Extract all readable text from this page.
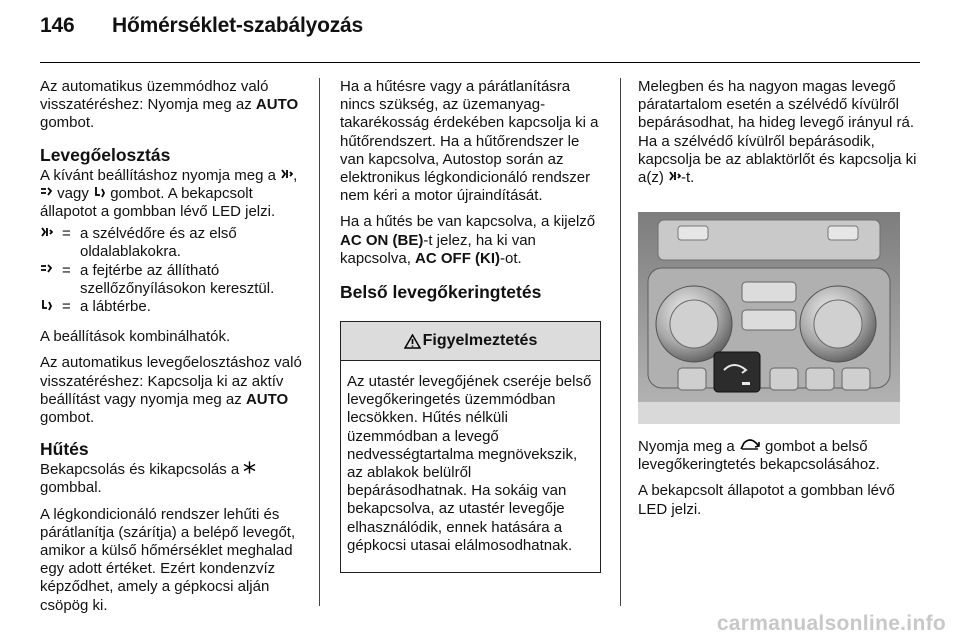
146 Hőmérséklet-szabályozás

Az automatikus üzemmódhoz való visszatéréshez: Nyomja meg az AUTO gombot.

Levegőelosztás

A kívánt beállításhoz nyomja meg a ,  vagy  gombot. A bekapcsolt állapotot a gombban lévő LED jelzi.

= a szélvédőre és az első oldalablakokra.
= a fejtérbe az állítható szellőzőnyílásokon keresztül.
= a lábtérbe.

A beállítások kombinálhatók.

Az automatikus levegőelosztáshoz való visszatéréshez: Kapcsolja ki az aktív beállítást vagy nyomja meg az AUTO gombot.

Hűtés

Bekapcsolás és kikapcsolás a  gombbal.

A légkondicionáló rendszer lehűti és párátlanítja (szárítja) a belépő levegőt, amikor a külső hőmérséklet meghalad egy adott értéket. Ezért kondenzvíz képződhet, amely a gépkocsi alján csöpög ki.

Ha a hűtésre vagy a párátlanításra nincs szükség, az üzemanyag-takarékosság érdekében kapcsolja ki a hűtőrendszert. Ha a hűtőrendszer le van kapcsolva, Autostop során az elektronikus légkondicionáló rendszer nem kéri a motor újraindítását.

Ha a hűtés be van kapcsolva, a kijelző AC ON (BE)-t jelez, ha ki van kapcsolva, AC OFF (KI)-ot.

Belső levegőkeringtetés
Figyelmeztetés
Az utastér levegőjének cseréje belső levegőkeringetés üzemmódban lecsökken. Hűtés nélküli üzemmódban a levegő nedvességtartalma megnövekszik, az ablakok belülről bepárásodhatnak. Ha sokáig van bekapcsolva, az utastér levegője elhasználódik, ennek hatására a gépkocsi utasai elálmosodhatnak.

Melegben és ha nagyon magas levegő páratartalom esetén a szélvédő kívülről bepárásodhat, ha hideg levegő irányul rá. Ha a szélvédő kívülről bepárásodik, kapcsolja be az ablaktörlőt és kapcsolja ki a(z) -t.

Nyomja meg a  gombot a belső levegőkeringtetés bekapcsolásához.

A bekapcsolt állapotot a gombban lévő LED jelzi.

carmanualsonline.info
